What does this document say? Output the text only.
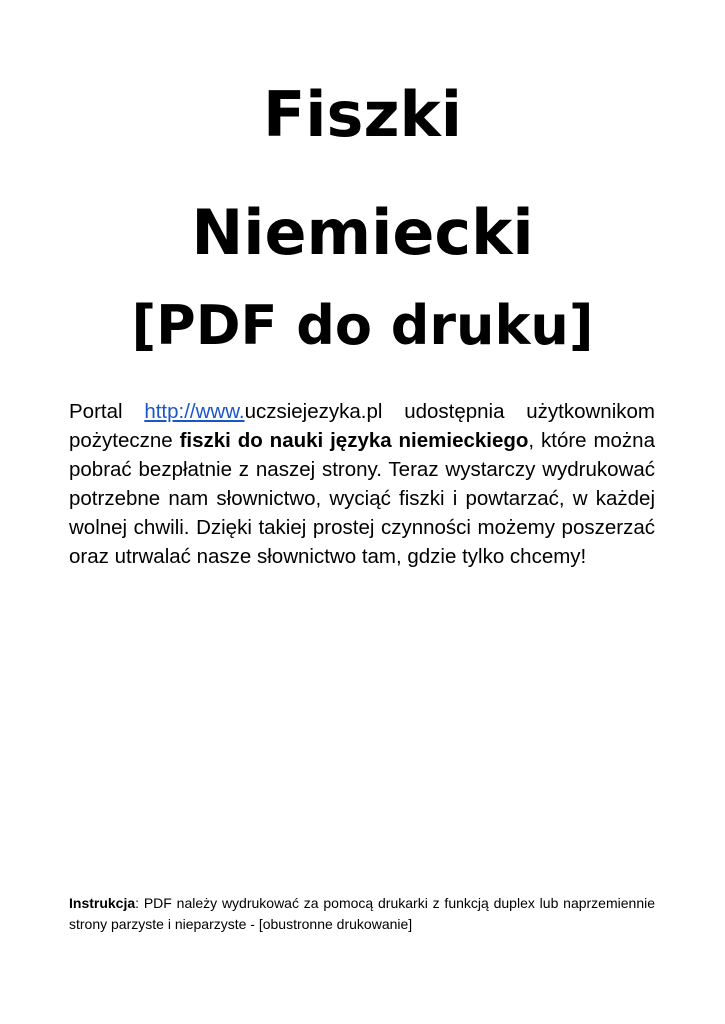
Fiszki
Niemiecki
[PDF do druku]

Portal http://www.uczsiejezyka.pl udostępnia użytkownikom pożyteczne fiszki do nauki języka niemieckiego, które można pobrać bezpłatnie z naszej strony. Teraz wystarczy wydrukować potrzebne nam słownictwo, wyciąć fiszki i powtarzać, w każdej wolnej chwili. Dzięki takiej prostej czynności możemy poszerzać oraz utrwalać nasze słownictwo tam, gdzie tylko chcemy!

Instrukcja: PDF należy wydrukować za pomocą drukarki z funkcją duplex lub naprzemiennie strony parzyste i nieparzyste - [obustronne drukowanie]
